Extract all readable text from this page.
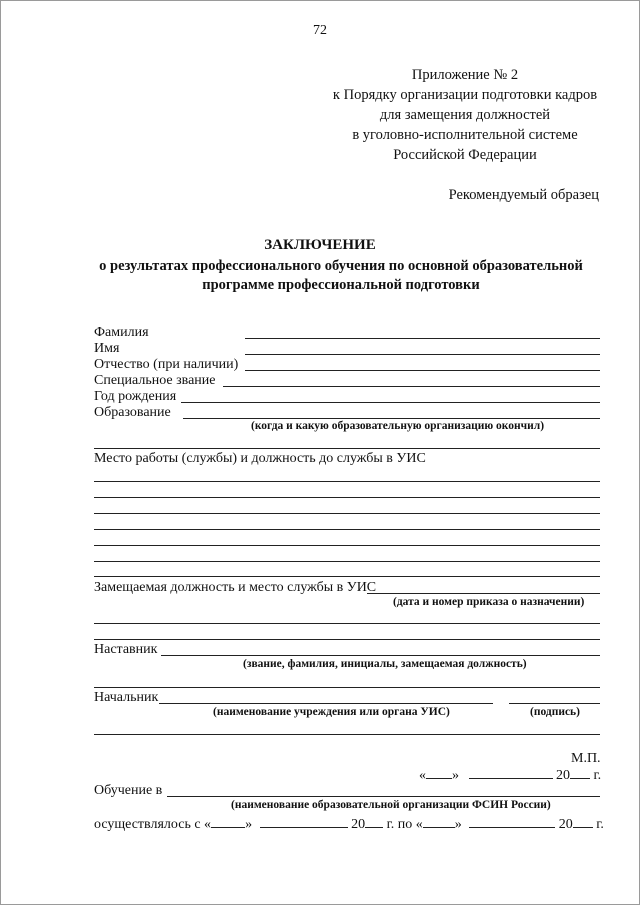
72
Приложение № 2
к Порядку организации подготовки кадров
для замещения должностей
в уголовно-исполнительной системе
Российской Федерации
Рекомендуемый образец
ЗАКЛЮЧЕНИЕ
о результатах профессионального обучения по основной образовательной
программе профессиональной подготовки
Фамилия
Имя
Отчество (при наличии)
Специальное звание
Год рождения
Образование
(когда и какую образовательную организацию окончил)
Место работы (службы) и должность до службы в УИС
Замещаемая должность и место службы в УИС
(дата и номер приказа о назначении)
Наставник
(звание, фамилия, инициалы, замещаемая должность)
Начальник
(наименование учреждения или органа УИС)	(подпись)
М.П.
« »	20 г.
Обучение в
(наименование образовательной организации ФСИН России)
осуществлялось с « »	20 г. по « »	20 г.
